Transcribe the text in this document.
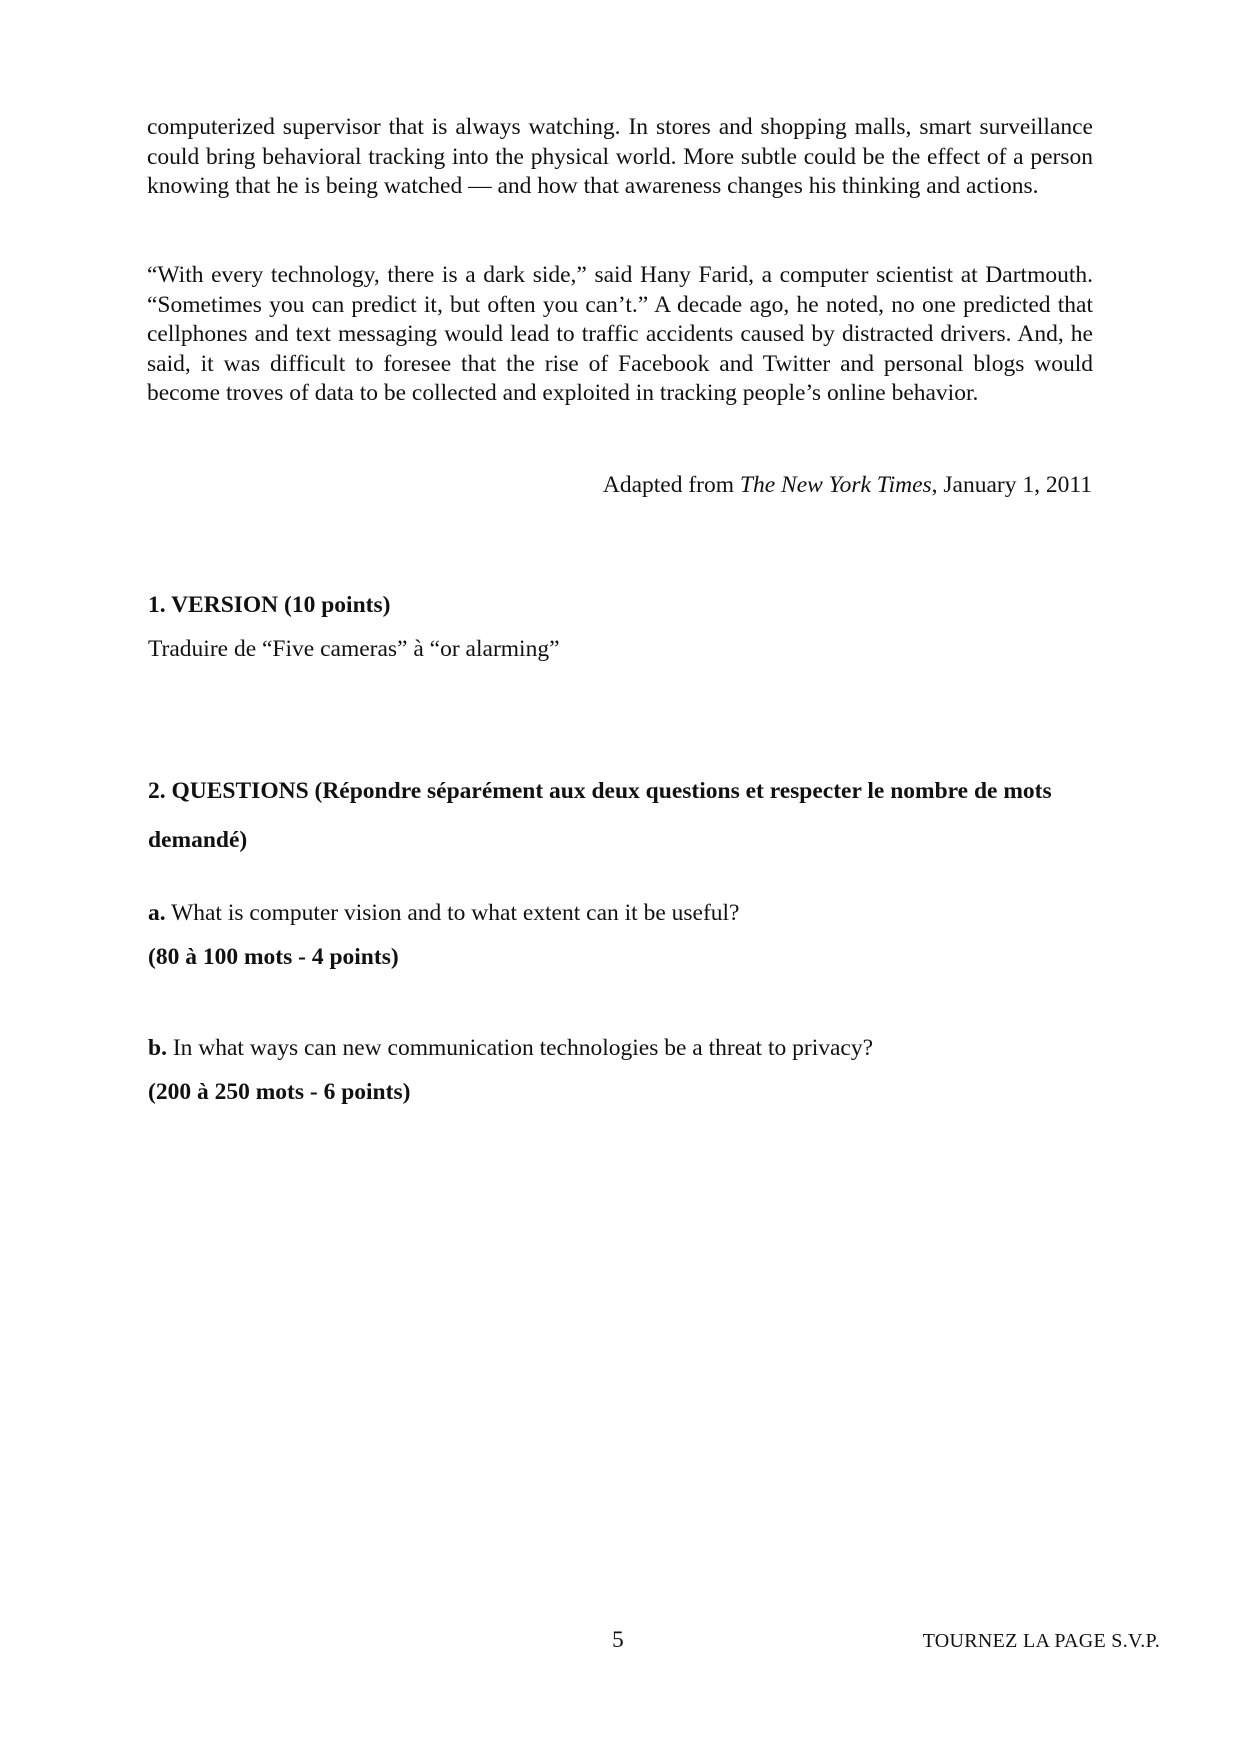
computerized supervisor that is always watching. In stores and shopping malls, smart surveillance could bring behavioral tracking into the physical world. More subtle could be the effect of a person knowing that he is being watched — and how that awareness changes his thinking and actions.

“With every technology, there is a dark side,” said Hany Farid, a computer scientist at Dartmouth. “Sometimes you can predict it, but often you can’t.” A decade ago, he noted, no one predicted that cellphones and text messaging would lead to traffic accidents caused by distracted drivers. And, he said, it was difficult to foresee that the rise of Facebook and Twitter and personal blogs would become troves of data to be collected and exploited in tracking people’s online behavior.

Adapted from The New York Times, January 1, 2011

1. VERSION (10 points)

Traduire de “Five cameras” à “or alarming”

2. QUESTIONS (Répondre séparément aux deux questions et respecter le nombre de mots demandé)

a. What is computer vision and to what extent can it be useful?

(80 à 100 mots - 4 points)

b. In what ways can new communication technologies be a threat to privacy?

(200 à 250 mots - 6 points)

5	TOURNEZ LA PAGE S.V.P.
